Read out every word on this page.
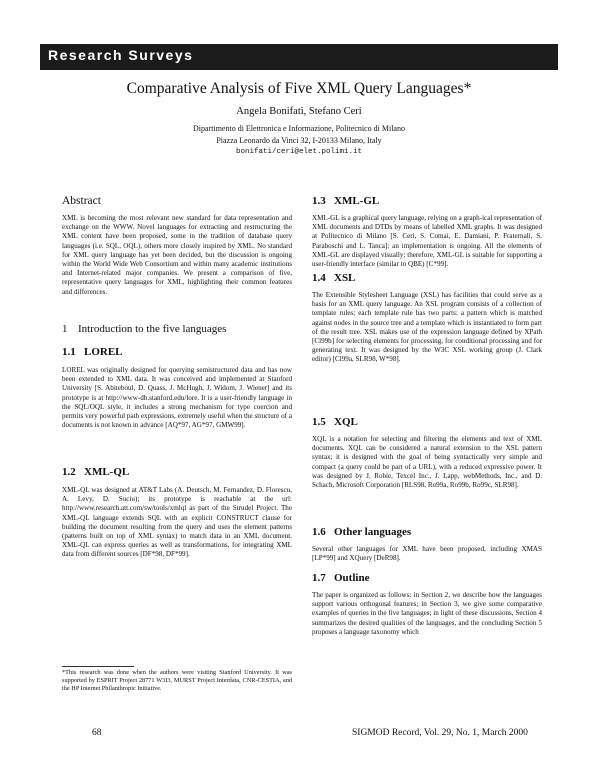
Research Surveys
Comparative Analysis of Five XML Query Languages*
Angela Bonifati, Stefano Ceri
Dipartimento di Elettronica e Informazione, Politecnico di Milano
Piazza Leonardo da Vinci 32, I-20133 Milano, Italy
bonifati/ceri@elet.polimi.it
Abstract
XML is becoming the most relevant new standard for data representation and exchange on the WWW. Novel languages for extracting and restructuring the XML content have been proposed, some in the tradition of database query languages (i.e. SQL, OQL), others more closely inspired by XML. No standard for XML query language has yet been decided, but the discussion is ongoing within the World Wide Web Consortium and within many academic institutions and Internet-related major companies. We present a comparison of five, representative query languages for XML, highlighting their common features and differences.
1 Introduction to the five languages
1.1 LOREL
LOREL was originally designed for querying semistructured data and has now been extended to XML data. It was conceived and implemented at Stanford University [S. Abiteboul, D. Quass, J. McHugh, J. Widom, J. Wiener] and its prototype is at http://www-db.stanford.edu/lore. It is a user-friendly language in the SQL/OQL style, it includes a strong mechanism for type coercion and permits very powerful path expressions, extremely useful when the structure of a documents is not known in advance [AQ*97, AG*97, GMW99].
1.2 XML-QL
XML-QL was designed at AT&T Labs (A. Deutsch, M. Fernandez, D. Florescu, A. Levy, D. Suciu); its prototype is reachable at the url: http://www.research.att.com/sw/tools/xmlql as part of the Strudel Project. The XML-QL language extends SQL with an explicit CONSTRUCT clause for building the document resulting from the query and uses the element patterns (patterns built on top of XML syntax) to match data in an XML document. XML-QL can express queries as well as transformations, for integrating XML data from different sources [DF*98, DF*99].
*This research was done when the authors were visiting Stanford University. It was supported by ESPRIT Project 28771 W3I3, MURST Project Interdata, CNR-CESTIA, and the HP Internet Philanthropic Initiative.
1.3 XML-GL
XML-GL is a graphical query language, relying on a graph-ical representation of XML documents and DTDs by means of labelled XML graphs. It was designed at Politecnico di Milano [S. Ceri, S. Comai, E. Damiani, P. Fraternali, S. Paraboschi and L. Tanca]; an implementation is ongoing. All the elements of XML-GL are displayed visually; therefore, XML-GL is suitable for supporting a user-friendly interface (similar to QBE) [C*99].
1.4 XSL
The Extensible Stylesheet Language (XSL) has facilities that could serve as a basis for an XML query language. An XSL program consists of a collection of template rules; each template rule has two parts: a pattern which is matched against nodes in the source tree and a template which is instantiated to form part of the result tree. XSL makes use of the expression language defined by XPath [Cl99b] for selecting elements for processing, for conditional processing and for generating text. It was designed by the W3C XSL working group (J. Clark editor) [Cl99a, SLR98, W*98].
1.5 XQL
XQL is a notation for selecting and filtering the elements and text of XML documents. XQL can be considered a natural extension to the XSL pattern syntax; it is designed with the goal of being syntactically very simple and compact (a query could be part of a URL), with a reduced expressive power. It was designed by J. Robie, Texcel Inc., J. Lapp, webMethods, Inc., and D. Schach, Microsoft Corporation [RLS98, Ro99a, Ro99b, Ro99c, SLR98].
1.6 Other languages
Several other languages for XML have been proposed, including XMAS [LP*99] and XQuery [DeR98].
1.7 Outline
The paper is organized as follows: in Section 2, we describe how the languages support various orthogonal features; in Section 3, we give some comparative examples of queries in the five languages; in light of these discussions, Section 4 summarizes the desired qualities of the languages, and the concluding Section 5 proposes a language taxonomy which
68	SIGMOD Record, Vol. 29, No. 1, March 2000
